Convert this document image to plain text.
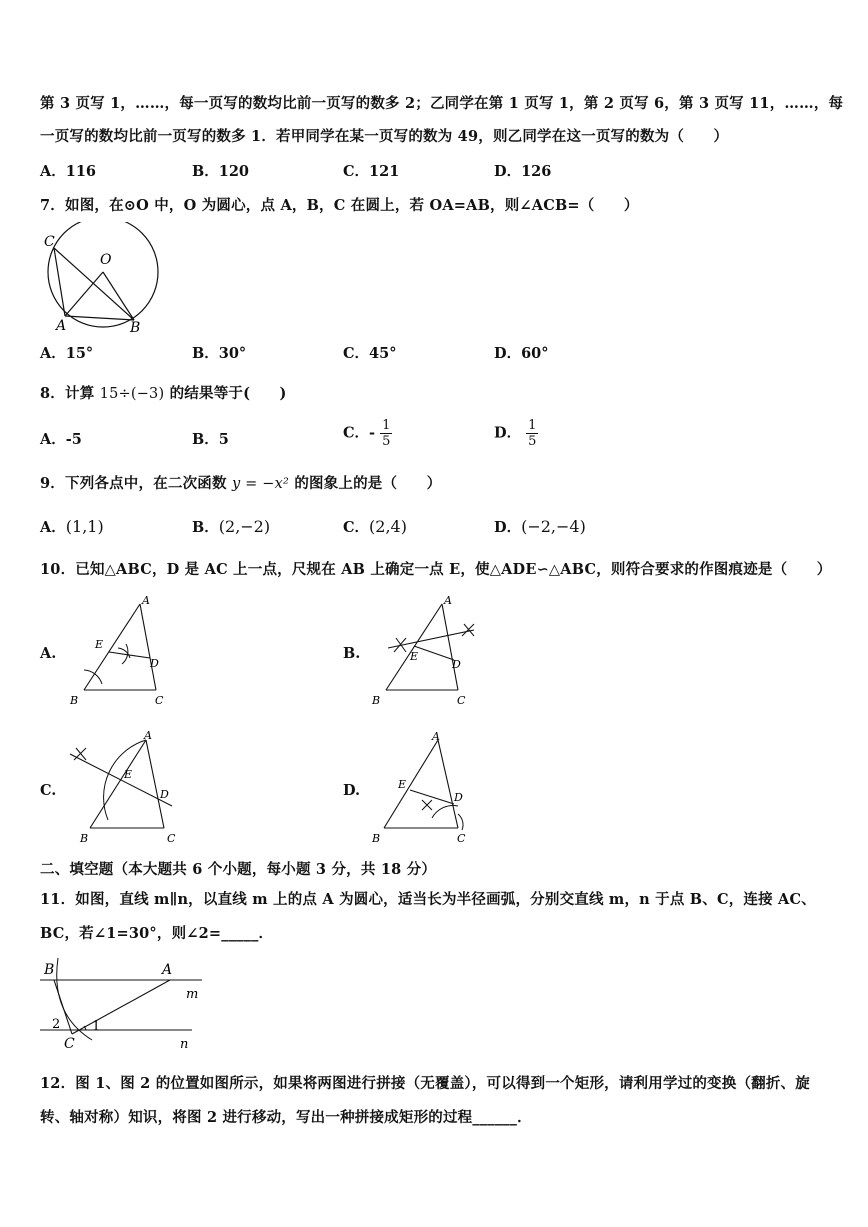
第 3 页写 1，……，每一页写的数均比前一页写的数多 2；乙同学在第 1 页写 1，第 2 页写 6，第 3 页写 11，……，每
一页写的数均比前一页写的数多 1．若甲同学在某一页写的数为 49，则乙同学在这一页写的数为（　　）
A．116	B．120	C．121	D．126
7．如图，在⊙O 中，O 为圆心，点 A，B，C 在圆上，若 OA=AB，则∠ACB=（　　）
C
O
A	B
A．15°	B．30°	C．45°	D．60°
8．计算 15÷(−3) 的结果等于(　　)
A．-5	B．5	C．- $\frac{1}{5}$	D． $\frac{1}{5}$
9．下列各点中，在二次函数 y = −x² 的图象上的是（　　）
A．(1,1)	B．(2,−2)	C．(2,4)	D．(−2,−4)
10．已知△ABC，D 是 AC 上一点，尺规在 AB 上确定一点 E，使△ADE∽△ABC，则符合要求的作图痕迹是（　　）
A.
A
E
D
B	C
B.
A
E
D
B	C
C.
A
E
D
B	C
D.
A
E
D
B	C
二、填空题（本大题共 6 个小题，每小题 3 分，共 18 分）
11．如图，直线 m∥n，以直线 m 上的点 A 为圆心，适当长为半径画弧，分别交直线 m，n 于点 B、C，连接 AC、
BC，若∠1=30°，则∠2=_____．
B	A
m
n
C
1
2
12．图 1、图 2 的位置如图所示，如果将两图进行拼接（无覆盖），可以得到一个矩形，请利用学过的变换（翻折、旋
转、轴对称）知识，将图 2 进行移动，写出一种拼接成矩形的过程______．
